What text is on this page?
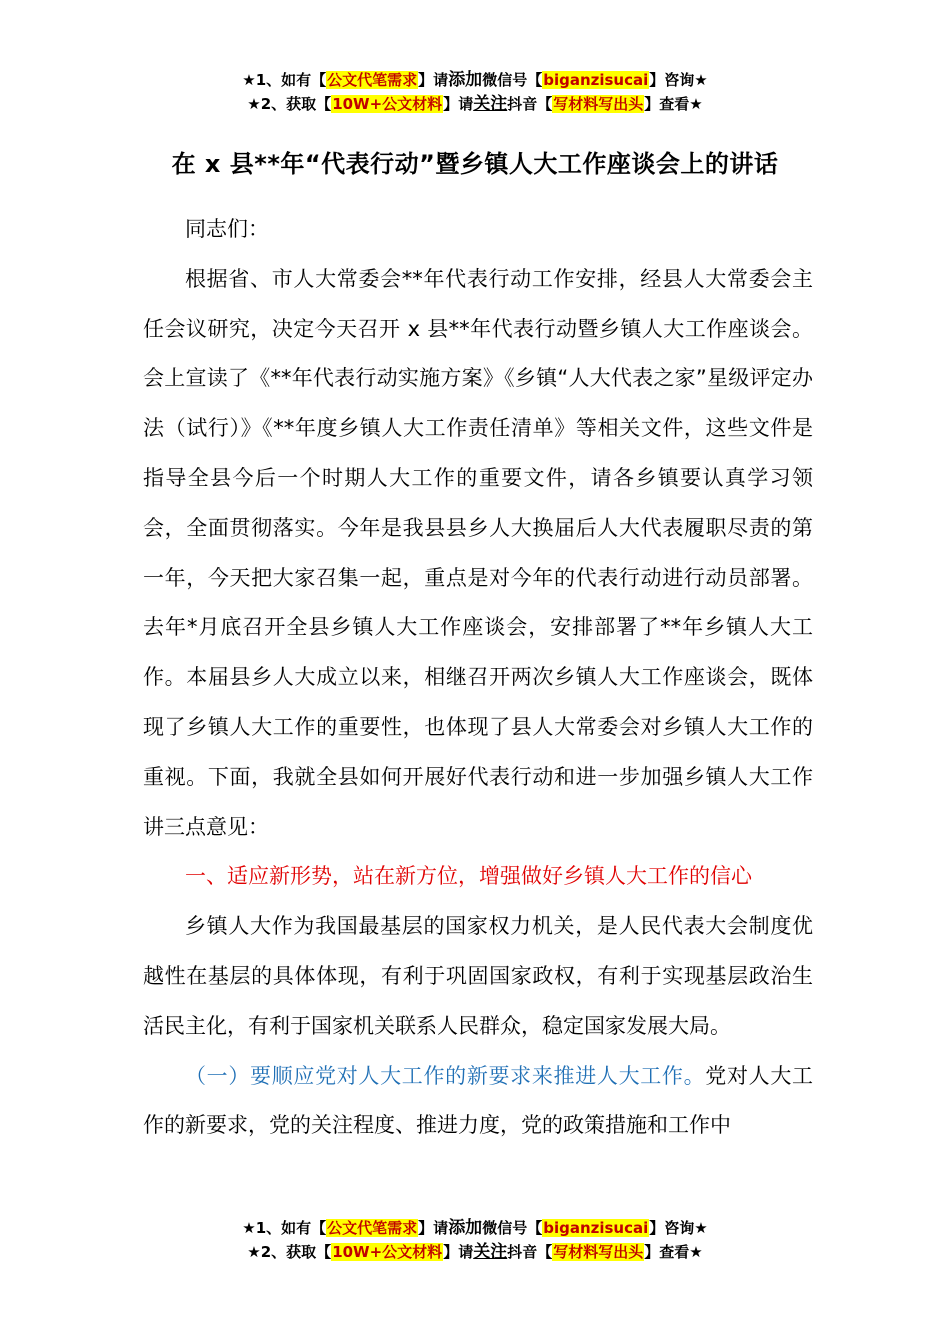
★1、如有【公文代笔需求】请添加微信号【biganzisucai】咨询★
★2、获取【10W+公文材料】请关注抖音【写材料写出头】查看★
在 x 县**年“代表行动”暨乡镇人大工作座谈会上的讲话

同志们：

根据省、市人大常委会**年代表行动工作安排，经县人大常委会主任会议研究，决定今天召开 x 县**年代表行动暨乡镇人大工作座谈会。会上宣读了《**年代表行动实施方案》《乡镇“人大代表之家”星级评定办法（试行）》《**年度乡镇人大工作责任清单》等相关文件，这些文件是指导全县今后一个时期人大工作的重要文件，请各乡镇要认真学习领会，全面贯彻落实。今年是我县县乡人大换届后人大代表履职尽责的第一年，今天把大家召集一起，重点是对今年的代表行动进行动员部署。去年*月底召开全县乡镇人大工作座谈会，安排部署了**年乡镇人大工作。本届县乡人大成立以来，相继召开两次乡镇人大工作座谈会，既体现了乡镇人大工作的重要性，也体现了县人大常委会对乡镇人大工作的重视。下面，我就全县如何开展好代表行动和进一步加强乡镇人大工作讲三点意见：

一、适应新形势，站在新方位，增强做好乡镇人大工作的信心

乡镇人大作为我国最基层的国家权力机关，是人民代表大会制度优越性在基层的具体体现，有利于巩固国家政权，有利于实现基层政治生活民主化，有利于国家机关联系人民群众，稳定国家发展大局。

（一）要顺应党对人大工作的新要求来推进人大工作。党对人大工作的新要求，党的关注程度、推进力度，党的政策措施和工作中

★1、如有【公文代笔需求】请添加微信号【biganzisucai】咨询★
★2、获取【10W+公文材料】请关注抖音【写材料写出头】查看★
